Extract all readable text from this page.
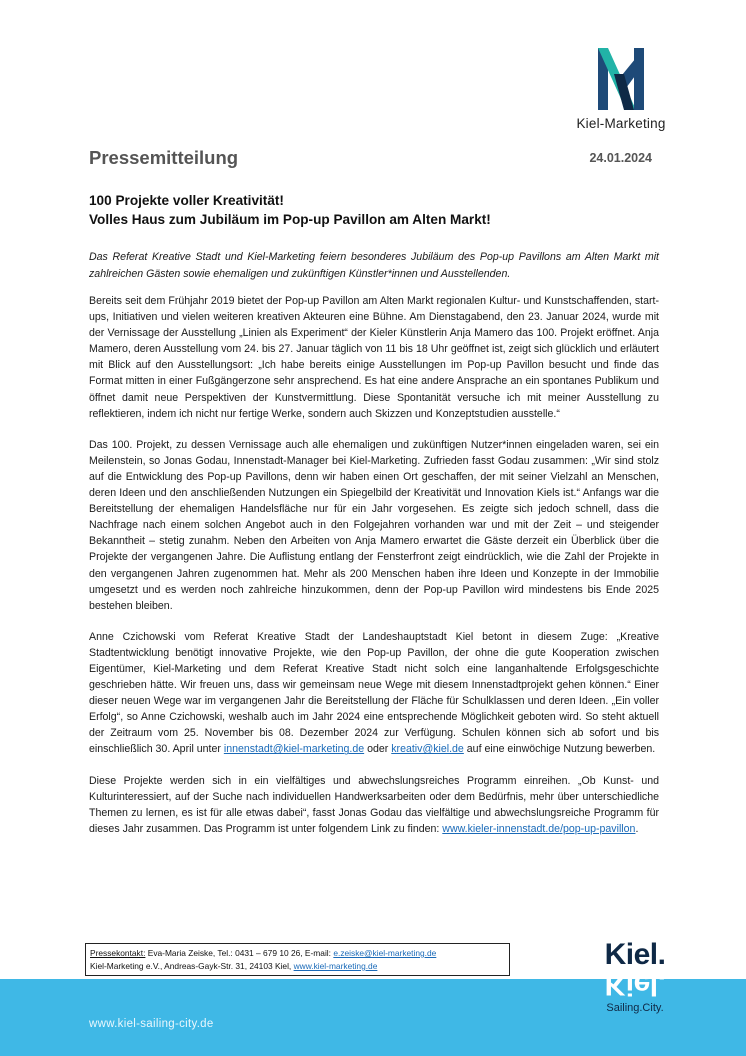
Kiel-Marketing
Pressemitteilung	24.01.2024
100 Projekte voller Kreativität!
Volles Haus zum Jubiläum im Pop-up Pavillon am Alten Markt!
Das Referat Kreative Stadt und Kiel-Marketing feiern besonderes Jubiläum des Pop-up Pavillons am Alten Markt mit zahlreichen Gästen sowie ehemaligen und zukünftigen Künstler*innen und Ausstellenden.

Bereits seit dem Frühjahr 2019 bietet der Pop-up Pavillon am Alten Markt regionalen Kultur- und Kunstschaffenden, start-ups, Initiativen und vielen weiteren kreativen Akteuren eine Bühne. Am Dienstagabend, den 23. Januar 2024, wurde mit der Vernissage der Ausstellung „Linien als Experiment“ der Kieler Künstlerin Anja Mamero das 100. Projekt eröffnet. Anja Mamero, deren Ausstellung vom 24. bis 27. Januar täglich von 11 bis 18 Uhr geöffnet ist, zeigt sich glücklich und erläutert mit Blick auf den Ausstellungsort: „Ich habe bereits einige Ausstellungen im Pop-up Pavillon besucht und finde das Format mitten in einer Fußgängerzone sehr ansprechend. Es hat eine andere Ansprache an ein spontanes Publikum und öffnet damit neue Perspektiven der Kunstvermittlung. Diese Spontanität versuche ich mit meiner Ausstellung zu reflektieren, indem ich nicht nur fertige Werke, sondern auch Skizzen und Konzeptstudien ausstelle.“

Das 100. Projekt, zu dessen Vernissage auch alle ehemaligen und zukünftigen Nutzer*innen eingeladen waren, sei ein Meilenstein, so Jonas Godau, Innenstadt-Manager bei Kiel-Marketing. Zufrieden fasst Godau zusammen: „Wir sind stolz auf die Entwicklung des Pop-up Pavillons, denn wir haben einen Ort geschaffen, der mit seiner Vielzahl an Menschen, deren Ideen und den anschließenden Nutzungen ein Spiegelbild der Kreativität und Innovation Kiels ist.“ Anfangs war die Bereitstellung der ehemaligen Handelsfläche nur für ein Jahr vorgesehen. Es zeigte sich jedoch schnell, dass die Nachfrage nach einem solchen Angebot auch in den Folgejahren vorhanden war und mit der Zeit – und steigender Bekanntheit – stetig zunahm. Neben den Arbeiten von Anja Mamero erwartet die Gäste derzeit ein Überblick über die Projekte der vergangenen Jahre. Die Auflistung entlang der Fensterfront zeigt eindrücklich, wie die Zahl der Projekte in den vergangenen Jahren zugenommen hat. Mehr als 200 Menschen haben ihre Ideen und Konzepte in der Immobilie umgesetzt und es werden noch zahlreiche hinzukommen, denn der Pop-up Pavillon wird mindestens bis Ende 2025 bestehen bleiben.

Anne Czichowski vom Referat Kreative Stadt der Landeshauptstadt Kiel betont in diesem Zuge: „Kreative Stadtentwicklung benötigt innovative Projekte, wie den Pop-up Pavillon, der ohne die gute Kooperation zwischen Eigentümer, Kiel-Marketing und dem Referat Kreative Stadt nicht solch eine langanhaltende Erfolgsgeschichte geschrieben hätte. Wir freuen uns, dass wir gemeinsam neue Wege mit diesem Innenstadtprojekt gehen können.“ Einer dieser neuen Wege war im vergangenen Jahr die Bereitstellung der Fläche für Schulklassen und deren Ideen. „Ein voller Erfolg“, so Anne Czichowski, weshalb auch im Jahr 2024 eine entsprechende Möglichkeit geboten wird. So steht aktuell der Zeitraum vom 25. November bis 08. Dezember 2024 zur Verfügung. Schulen können sich ab sofort und bis einschließlich 30. April unter innenstadt@kiel-marketing.de oder kreativ@kiel.de auf eine einwöchige Nutzung bewerben.

Diese Projekte werden sich in ein vielfältiges und abwechslungsreiches Programm einreihen. „Ob Kunst- und Kulturinteressiert, auf der Suche nach individuellen Handwerksarbeiten oder dem Bedürfnis, mehr über unterschiedliche Themen zu lernen, es ist für alle etwas dabei“, fasst Jonas Godau das vielfältige und abwechslungsreiche Programm für dieses Jahr zusammen. Das Programm ist unter folgendem Link zu finden: www.kieler-innenstadt.de/pop-up-pavillon.

Pressekontakt: Eva-Maria Zeiske, Tel.: 0431 – 679 10 26, E-mail: e.zeiske@kiel-marketing.de
Kiel-Marketing e.V., Andreas-Gayk-Str. 31, 24103 Kiel, www.kiel-marketing.de
www.kiel-sailing-city.de
Kiel.
Kiel.
Sailing.City.
